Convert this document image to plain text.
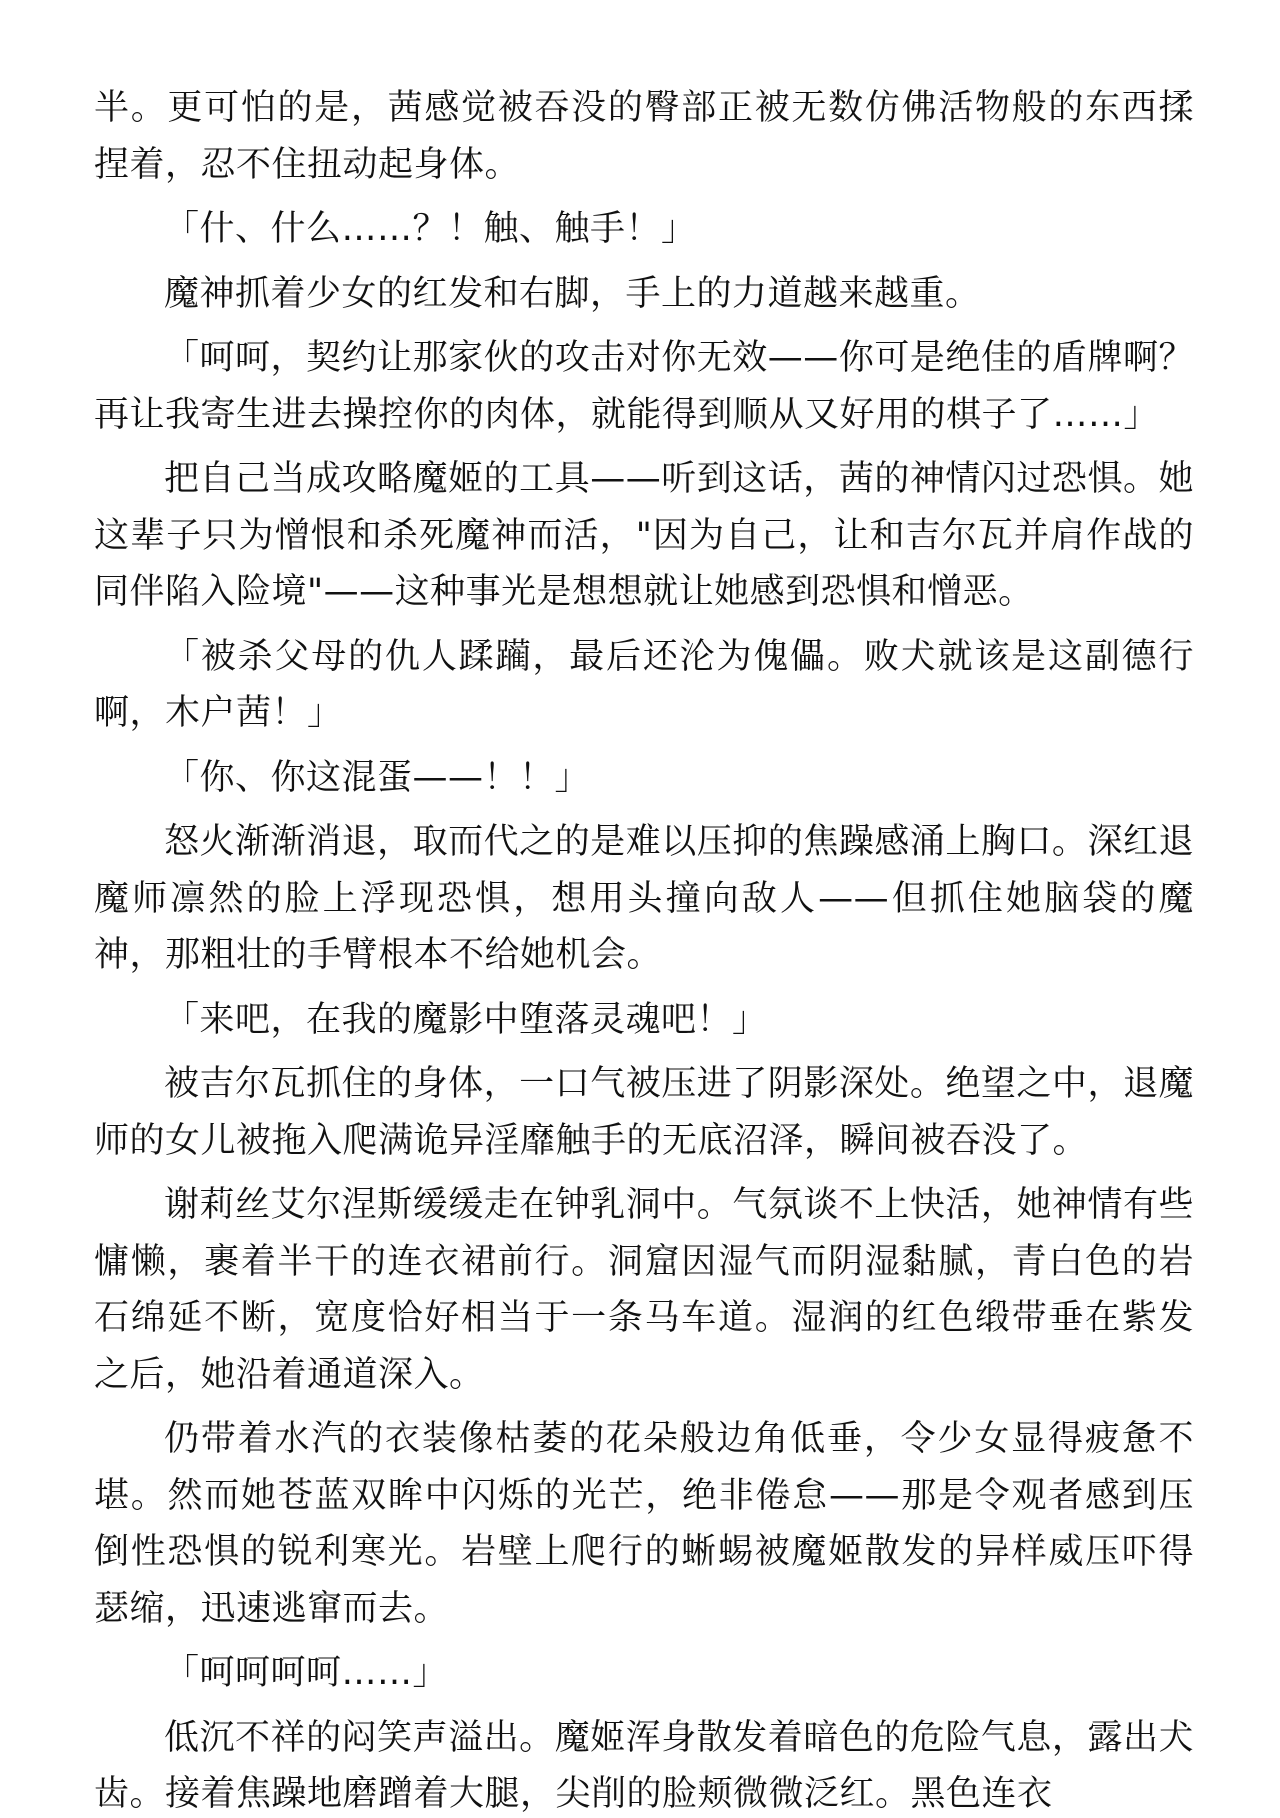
半。更可怕的是，茜感觉被吞没的臀部正被无数仿佛活物般的东西揉捏着，忍不住扭动起身体。

「什、什么……？！触、触手！」

魔神抓着少女的红发和右脚，手上的力道越来越重。

「呵呵，契约让那家伙的攻击对你无效——你可是绝佳的盾牌啊？再让我寄生进去操控你的肉体，就能得到顺从又好用的棋子了……」

把自己当成攻略魔姬的工具——听到这话，茜的神情闪过恐惧。她这辈子只为憎恨和杀死魔神而活，"因为自己，让和吉尔瓦并肩作战的同伴陷入险境"——这种事光是想想就让她感到恐惧和憎恶。

「被杀父母的仇人蹂躏，最后还沦为傀儡。败犬就该是这副德行啊，木户茜！」

「你、你这混蛋——！！」

怒火渐渐消退，取而代之的是难以压抑的焦躁感涌上胸口。深红退魔师凛然的脸上浮现恐惧，想用头撞向敌人——但抓住她脑袋的魔神，那粗壮的手臂根本不给她机会。

「来吧，在我的魔影中堕落灵魂吧！」

被吉尔瓦抓住的身体，一口气被压进了阴影深处。绝望之中，退魔师的女儿被拖入爬满诡异淫靡触手的无底沼泽，瞬间被吞没了。

谢莉丝艾尔涅斯缓缓走在钟乳洞中。气氛谈不上快活，她神情有些慵懒，裹着半干的连衣裙前行。洞窟因湿气而阴湿黏腻，青白色的岩石绵延不断，宽度恰好相当于一条马车道。湿润的红色缎带垂在紫发之后，她沿着通道深入。

仍带着水汽的衣装像枯萎的花朵般边角低垂，令少女显得疲惫不堪。然而她苍蓝双眸中闪烁的光芒，绝非倦怠——那是令观者感到压倒性恐惧的锐利寒光。岩壁上爬行的蜥蜴被魔姬散发的异样威压吓得瑟缩，迅速逃窜而去。

「呵呵呵呵……」

低沉不祥的闷笑声溢出。魔姬浑身散发着暗色的危险气息，露出犬齿。接着焦躁地磨蹭着大腿，尖削的脸颊微微泛红。黑色连衣
